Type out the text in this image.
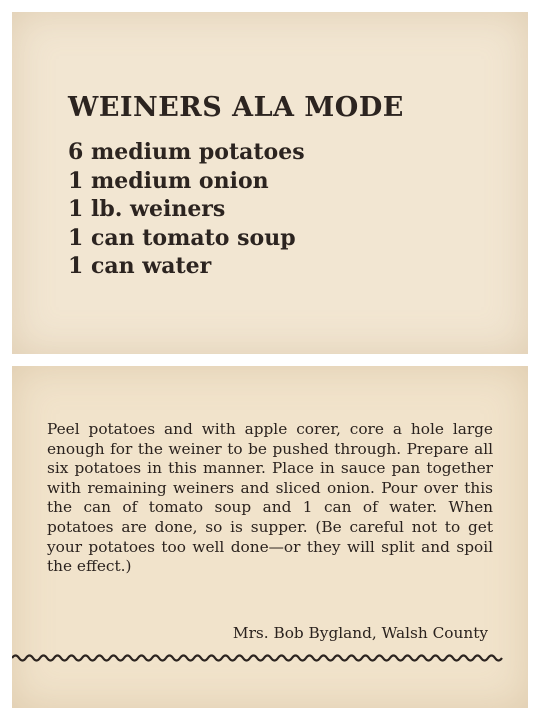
WEINERS ALA MODE
6 medium potatoes
1 medium onion
1 lb. weiners
1 can tomato soup
1 can water

Peel potatoes and with apple corer, core a hole large enough for the weiner to be pushed through. Prepare all six potatoes in this manner. Place in sauce pan together with remaining weiners and sliced onion. Pour over this the can of tomato soup and 1 can of water. When potatoes are done, so is supper. (Be careful not to get your potatoes too well done—or they will split and spoil the effect.)

Mrs. Bob Bygland, Walsh County
